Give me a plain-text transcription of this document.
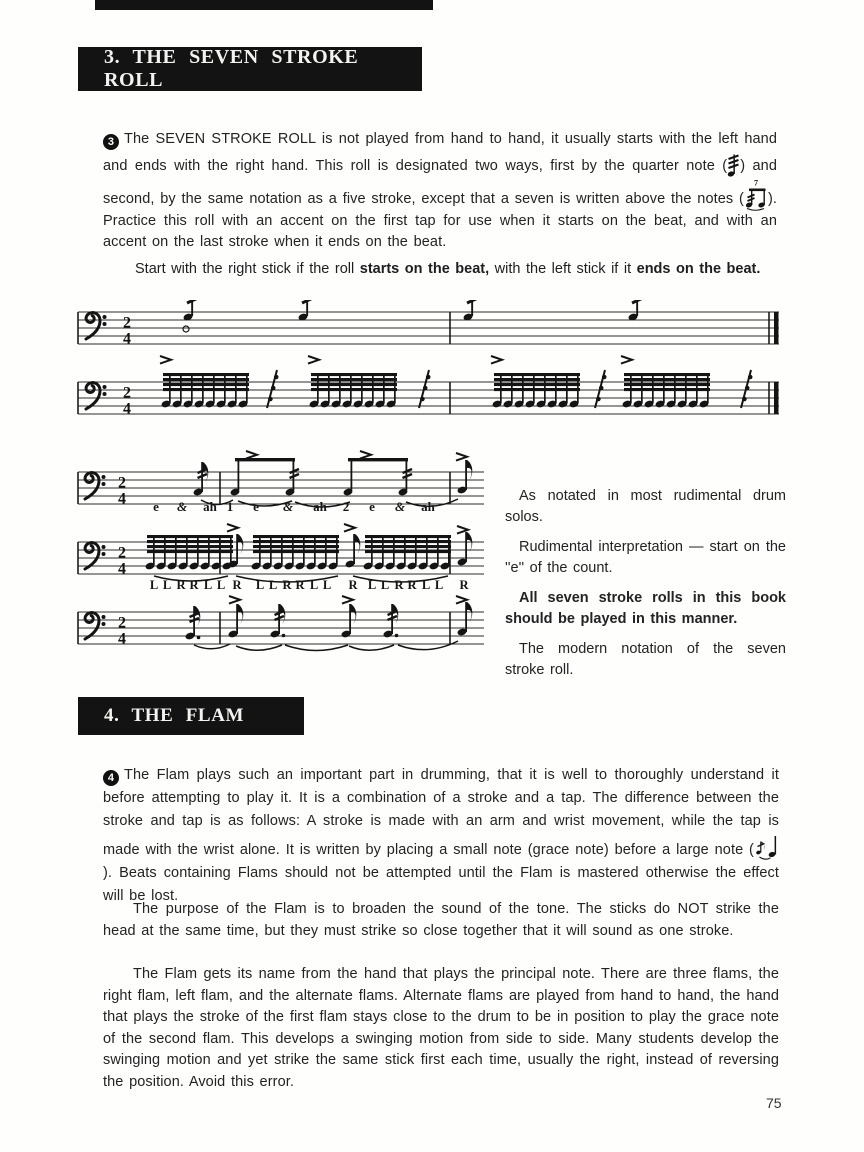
3. THE SEVEN STROKE ROLL
3 The SEVEN STROKE ROLL is not played from hand to hand, it usually starts with the left hand and ends with the right hand. This roll is designated two ways, first by the quarter note ( ) and second, by the same notation as a five stroke, except that a seven is written above the notes (
7
). Practice this roll with an accent on the first tap for use when it starts on the beat, and with an accent on the last stroke when it ends on the beat.
Start with the right stick if the roll starts on the beat, with the left stick if it ends on the beat.
2
4
2
4
2
4
2
4
2
4
e & ah 1 e & ah 2 e & ah
L L R R L L R L L R R L L R L L R R L L R

As notated in most rudimental drum solos.

Rudimental interpretation — start on the ''e'' of the count.

All seven stroke rolls in this book should be played in this manner.

The modern notation of the seven stroke roll.

4. THE FLAM
4 The Flam plays such an important part in drumming, that it is well to thoroughly understand it before attempting to play it. It is a combination of a stroke and a tap. The difference between the stroke and tap is as follows: A stroke is made with an arm and wrist movement, while the tap is made with the wrist alone. It is written by placing a small note (grace note) before a large note (). Beats containing Flams should not be attempted until the Flam is mastered otherwise the effect will be lost.
The purpose of the Flam is to broaden the sound of the tone. The sticks do NOT strike the head at the same time, but they must strike so close together that it will sound as one stroke.
The Flam gets its name from the hand that plays the principal note. There are three flams, the right flam, left flam, and the alternate flams. Alternate flams are played from hand to hand, the hand that plays the stroke of the first flam stays close to the drum to be in position to play the grace note of the second flam. This develops a swinging motion from side to side. Many students develop the swinging motion and yet strike the same stick first each time, usually the right, instead of reversing the position. Avoid this error.
75
